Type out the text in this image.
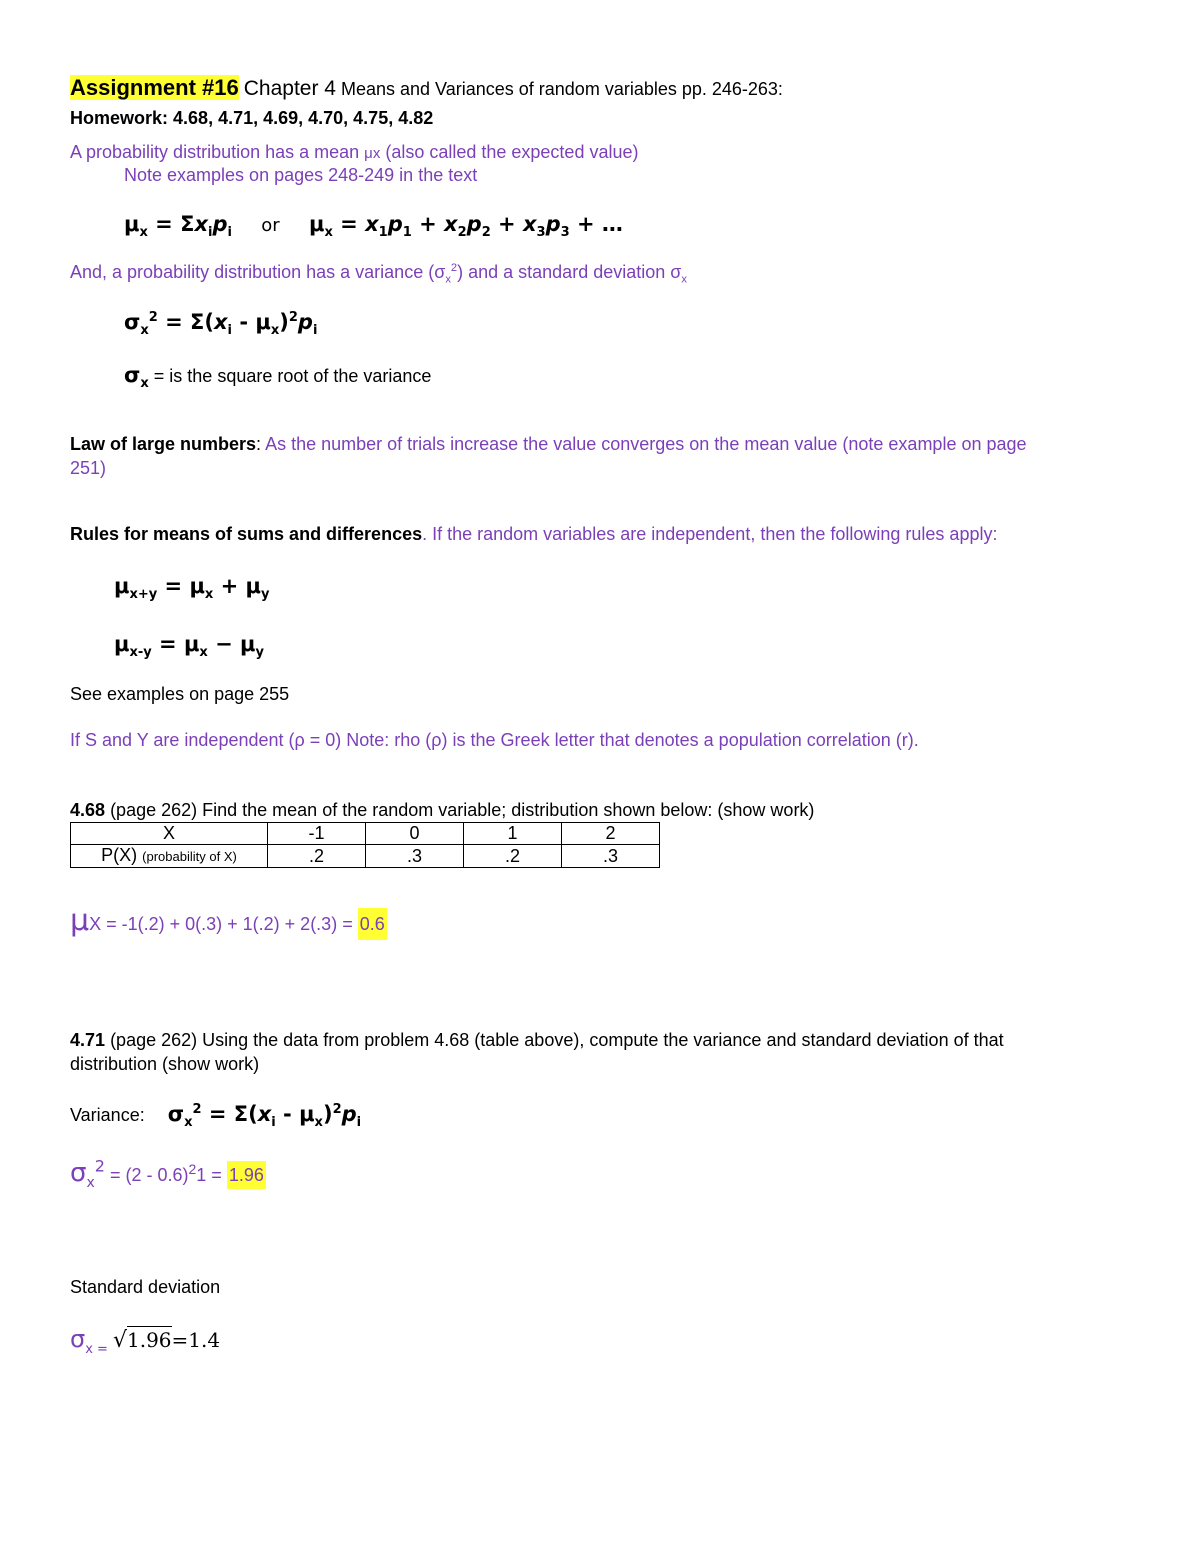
Assignment #16 Chapter 4 Means and Variances of random variables pp. 246-263:
Homework: 4.68, 4.71, 4.69, 4.70, 4.75, 4.82
A probability distribution has a mean μx (also called the expected value)
Note examples on pages 248-249 in the text
$\mu_x = \Sigma x_ip_i$ or $\mu_x = x_1p_1 + x_2p_2 + x_3p_3$ + …
And, a probability distribution has a variance $(\sigma_x^2)$ and a standard deviation $\sigma_x$
$\sigma_x^2 = \Sigma(x_i - \mu_x)^2p_i$
$\sigma_x$ = is the square root of the variance
Law of large numbers: As the number of trials increase the value converges on the mean value (note example on page
251)
Rules for means of sums and differences. If the random variables are independent, then the following rules apply:
$\mu_{x+y} = \mu_x + \mu_y$
$\mu_{x-y} = \mu_x - \mu_y$
See examples on page 255
If S and Y are independent (ρ = 0) Note: rho (ρ) is the Greek letter that denotes a population correlation (r).
4.68 (page 262) Find the mean of the random variable; distribution shown below: (show work)
X	-1	0	1	2
P(X) (probability of X)	.2	.3	.2	.3
μX = -1(.2) + 0(.3) + 1(.2) + 2(.3) = 0.6
4.71 (page 262) Using the data from problem 4.68 (table above), compute the variance and standard deviation of that
distribution (show work)
Variance: $\sigma_x^2 = \Sigma(x_i - \mu_x)^2p_i$
$\sigma_x^2 = (2 - 0.6)^21 = 1.96$
Standard deviation
$\sigma_{x =}$ √1.96=1.4
